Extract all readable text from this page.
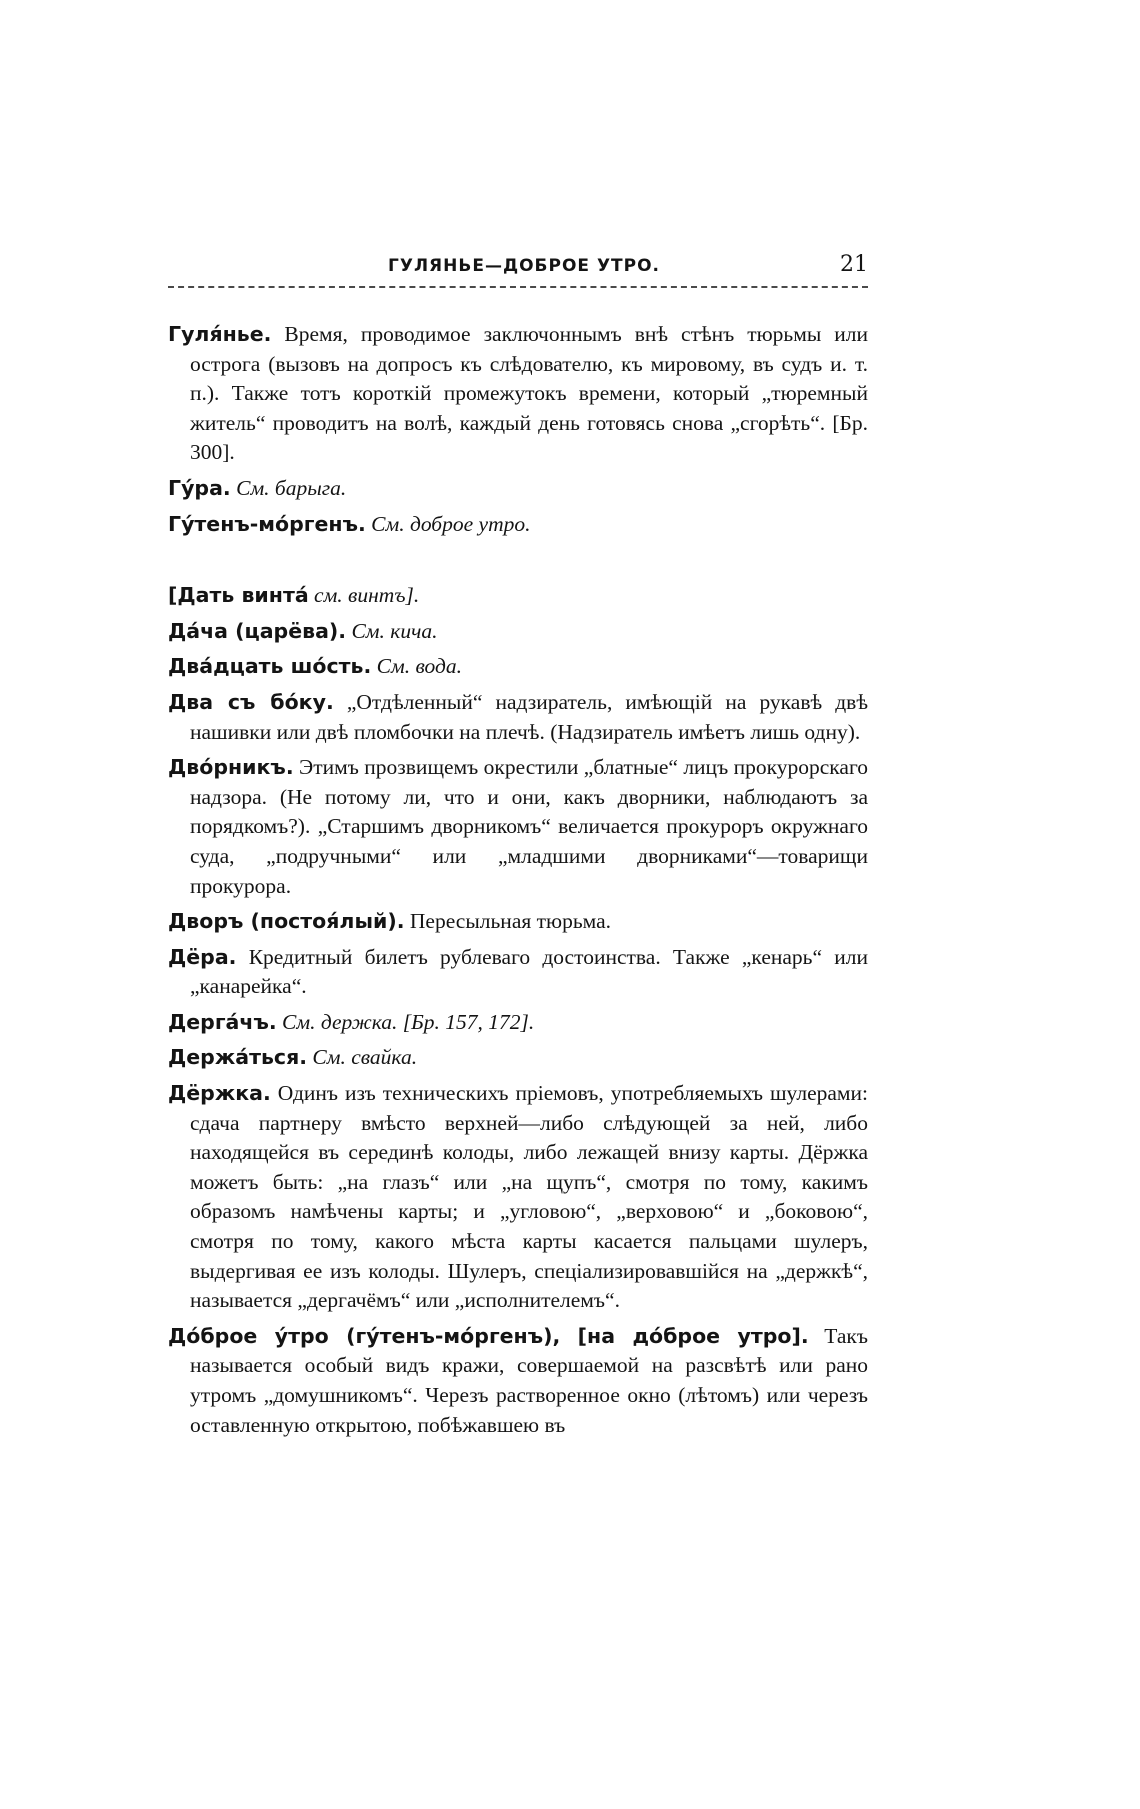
ГУЛЯНЬЕ—ДОБРОЕ УТРО.	21

Гуля́нье. Время, проводимое заключоннымъ внѣ стѣнъ тюрьмы или острога (вызовъ на допросъ къ слѣдователю, къ мировому, въ судъ и. т. п.). Также тотъ короткій промежутокъ времени, который „тюремный житель“ проводитъ на волѣ, каждый день готовясь снова „сгорѣть“. [Бр. 300].

Гу́ра. См. барыга.

Гу́тенъ-мо́ргенъ. См. доброе утро.

[Дать винта́ см. винтъ].

Да́ча (царёва). См. кича.

Два́дцать шо́сть. См. вода.

Два съ бо́ку. „Отдѣленный“ надзиратель, имѣющій на рукавѣ двѣ нашивки или двѣ пломбочки на плечѣ. (Надзиратель имѣетъ лишь одну).

Дво́рникъ. Этимъ прозвищемъ окрестили „блатные“ лицъ прокурорскаго надзора. (Не потому ли, что и они, какъ дворники, наблюдаютъ за порядкомъ?). „Старшимъ дворникомъ“ величается прокуроръ окружнаго суда, „подручными“ или „младшими дворниками“—товарищи прокурора.

Дворъ (постоя́лый). Пересыльная тюрьма.

Дёра. Кредитный билетъ рублеваго достоинства. Также „кенарь“ или „канарейка“.

Дерга́чъ. См. держка. [Бр. 157, 172].

Держа́ться. См. свайка.

Дёржка. Одинъ изъ техническихъ пріемовъ, употребляемыхъ шулерами: сдача партнеру вмѣсто верхней—либо слѣдующей за ней, либо находящейся въ серединѣ колоды, либо лежащей внизу карты. Дёржка можетъ быть: „на глазъ“ или „на щупъ“, смотря по тому, какимъ образомъ намѣчены карты; и „угловою“, „верховою“ и „боковою“, смотря по тому, какого мѣста карты касается пальцами шулеръ, выдергивая ее изъ колоды. Шулеръ, спеціализировавшійся на „держкѣ“, называется „дергачёмъ“ или „исполнителемъ“.

До́брое у́тро (гу́тенъ-мо́ргенъ), [на до́брое утро]. Такъ называется особый видъ кражи, совершаемой на разсвѣтѣ или рано утромъ „домушникомъ“. Черезъ растворенное окно (лѣтомъ) или черезъ оставленную открытою, побѣжавшею въ
